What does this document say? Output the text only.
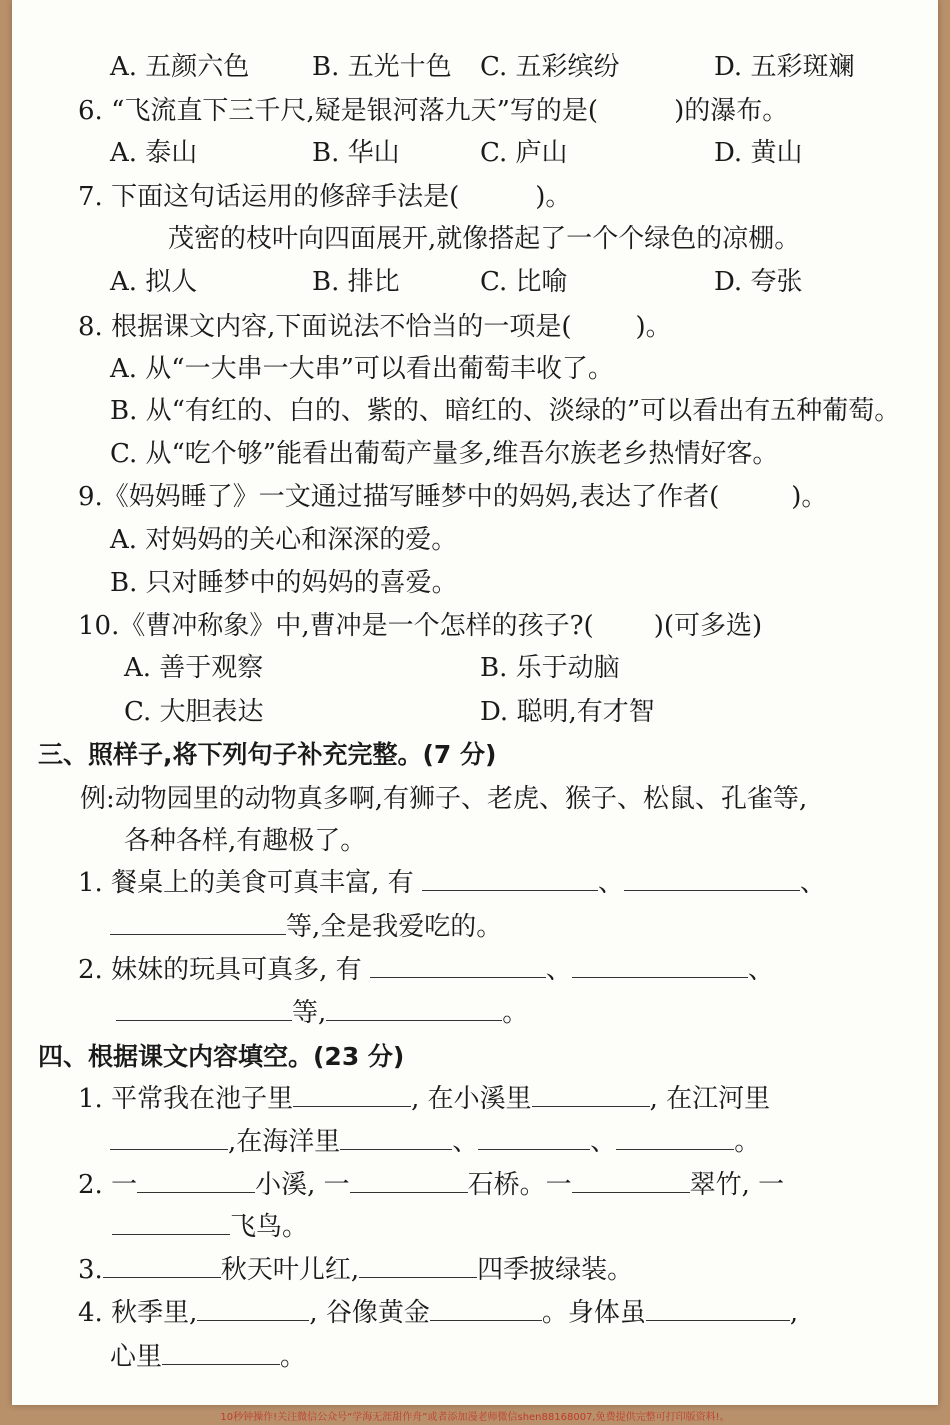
A. 五颜六色 B. 五光十色 C. 五彩缤纷	D. 五彩斑斓
6. “飞流直下三千尺,疑是银河落九天”写的是(	)的瀑布。
A. 泰山	B. 华山	C. 庐山	D. 黄山
7. 下面这句话运用的修辞手法是(	)。
茂密的枝叶向四面展开,就像搭起了一个个绿色的凉棚。
A. 拟人	B. 排比	C. 比喻	D. 夸张
8. 根据课文内容,下面说法不恰当的一项是( )。
A. 从“一大串一大串”可以看出葡萄丰收了。
B. 从“有红的、白的、紫的、暗红的、淡绿的”可以看出有五种葡萄。
C. 从“吃个够”能看出葡萄产量多,维吾尔族老乡热情好客。
9.《妈妈睡了》一文通过描写睡梦中的妈妈,表达了作者(	)。
A. 对妈妈的关心和深深的爱。
B. 只对睡梦中的妈妈的喜爱。
10.《曹冲称象》中,曹冲是一个怎样的孩子?( )(可多选)
A. 善于观察	B. 乐于动脑
C. 大胆表达	D. 聪明,有才智
三、照样子,将下列句子补充完整。(7 分)
例:动物园里的动物真多啊,有狮子、老虎、猴子、松鼠、孔雀等,
各种各样,有趣极了。
1. 餐桌上的美食可真丰富, 有	、	、
等,全是我爱吃的。
2. 妹妹的玩具可真多, 有	、	、
等,	。
四、根据课文内容填空。(23 分)
1. 平常我在池子里	, 在小溪里	, 在江河里
,在海洋里	、	、	。
2. 一	小溪, 一	石桥。一	翠竹, 一
飞鸟。
3.	秋天叶儿红,	四季披绿装。
4. 秋季里,	, 谷像黄金	。身体虽	,
心里	。
10秒钟操作!关注微信公众号“学海无涯甜作舟”或者添加漫老师微信shen88168007,免费提供完整可打印版资料!。
